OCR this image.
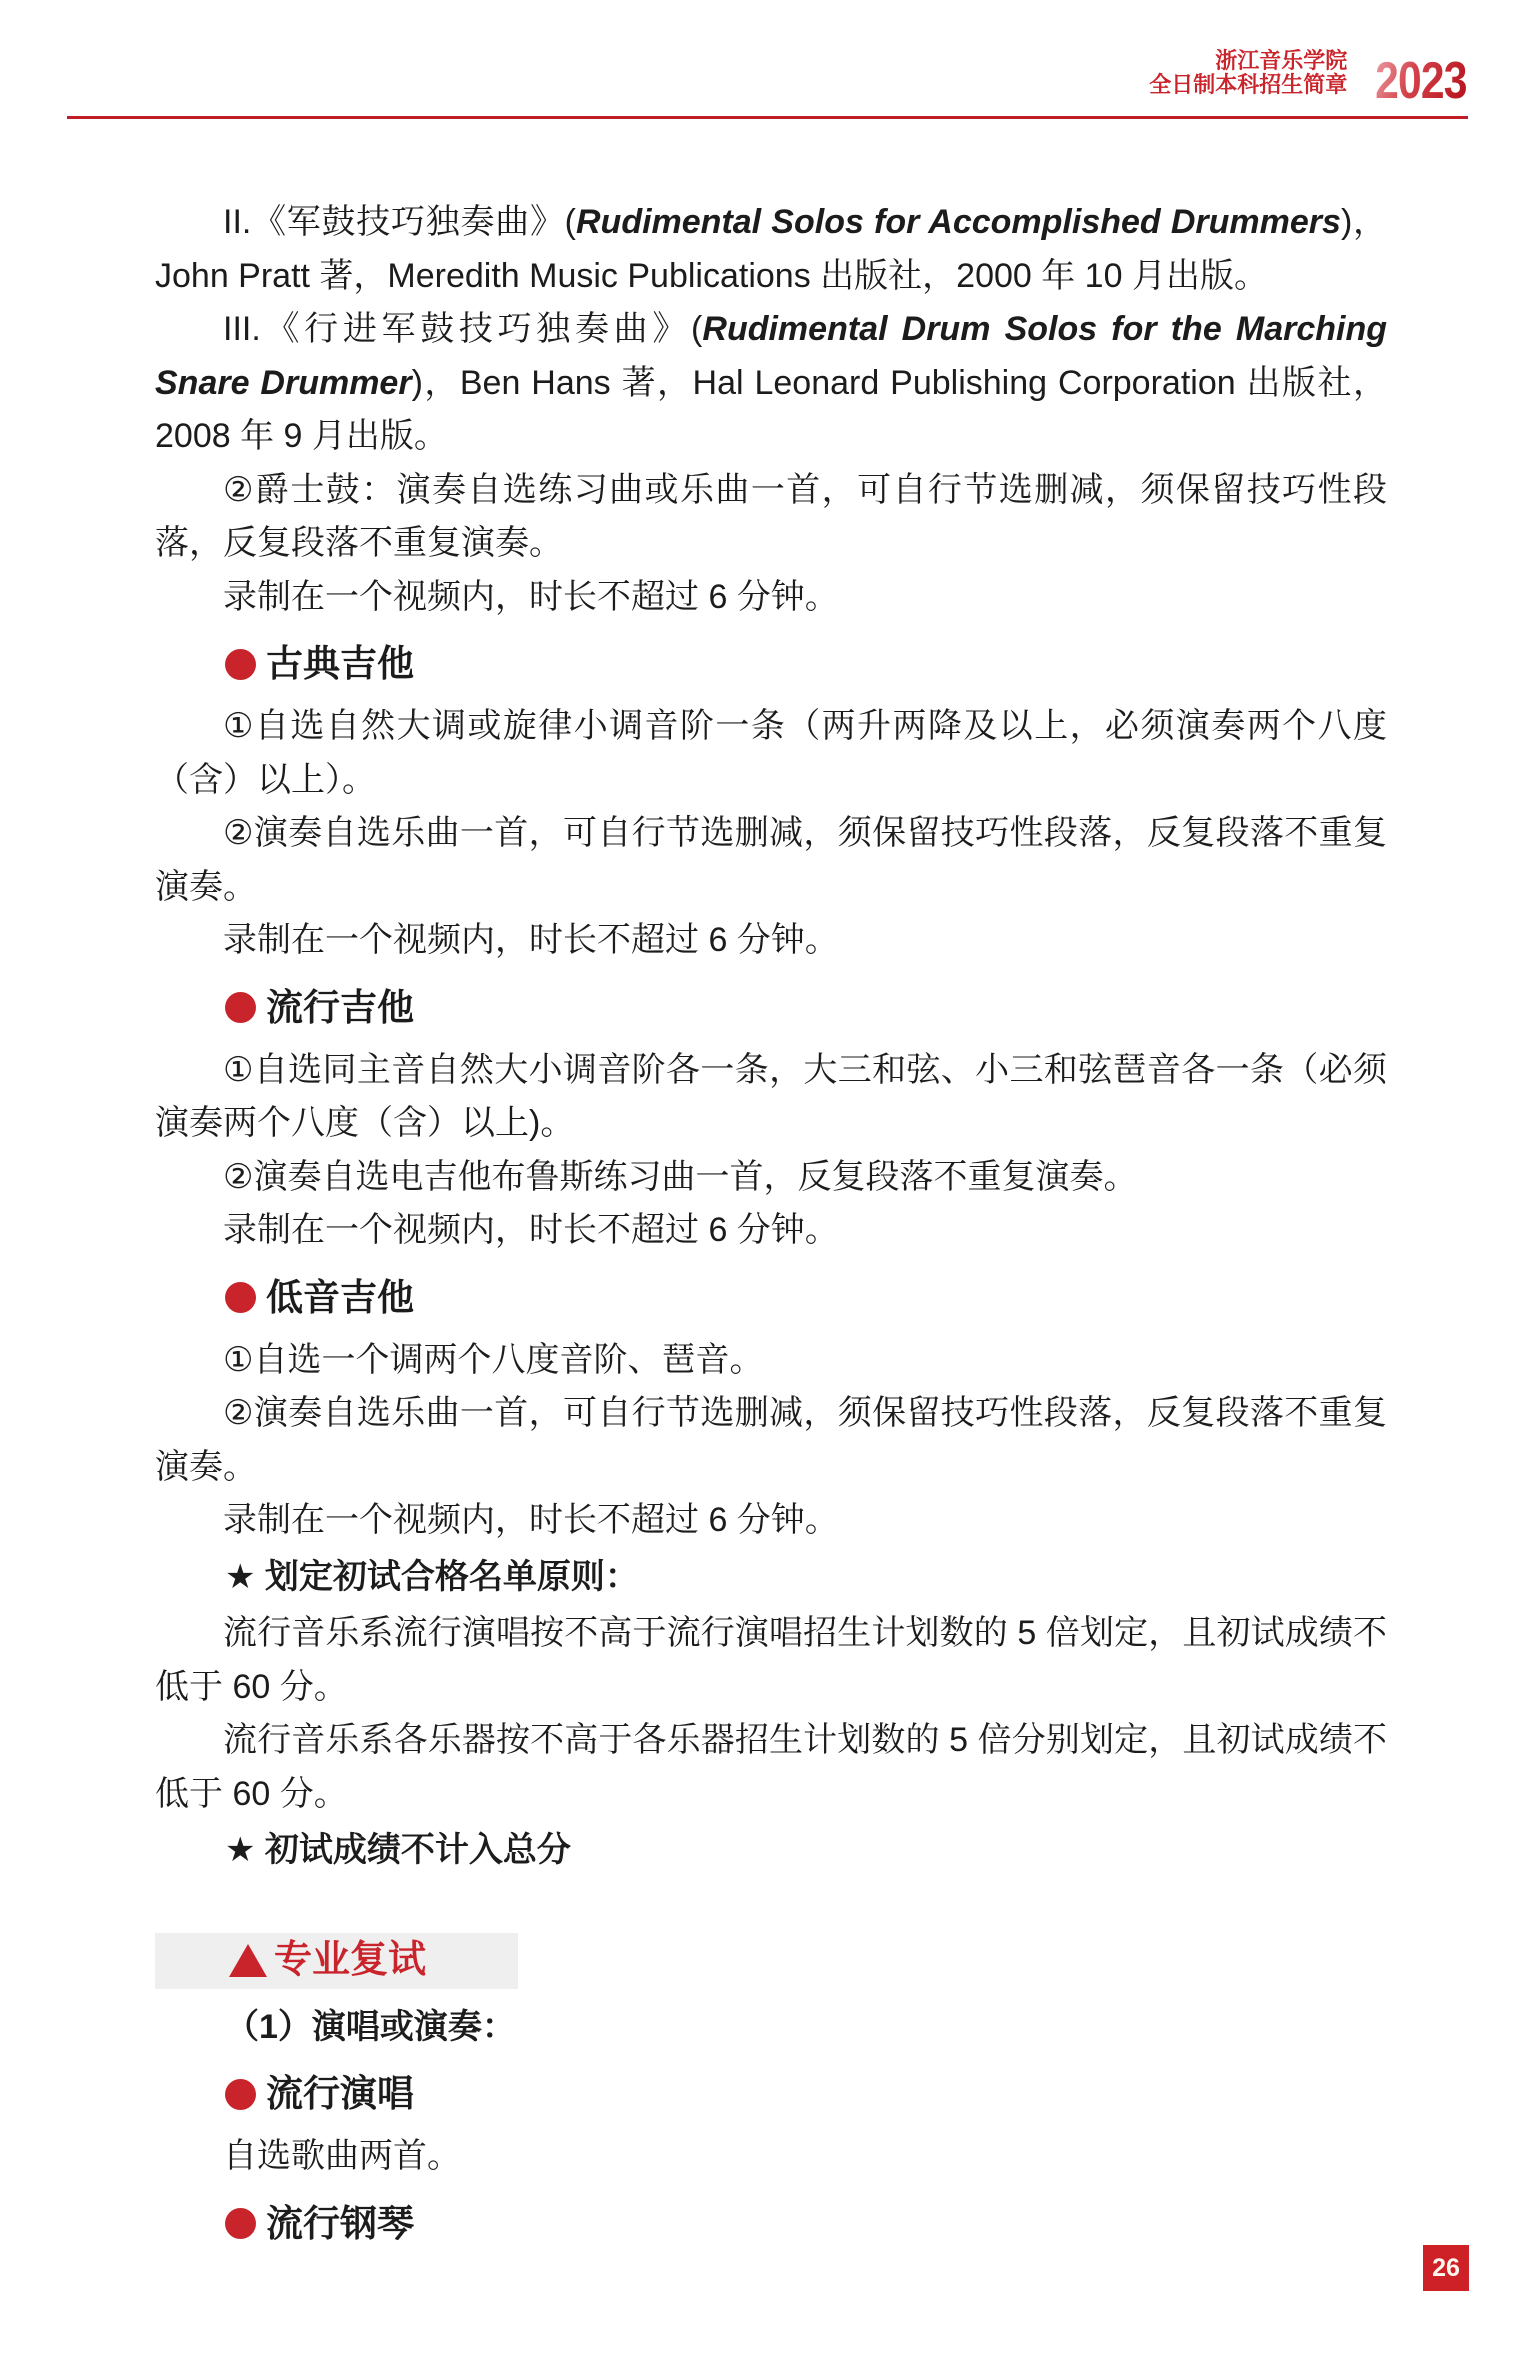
浙江音乐学院
全日制本科招生简章 2023
II.《军鼓技巧独奏曲》(Rudimental Solos for Accomplished Drummers)，John Pratt 著，Meredith Music Publications 出版社，2000 年 10 月出版。
III.《行进军鼓技巧独奏曲》(Rudimental Drum Solos for the Marching Snare Drummer)，Ben Hans 著，Hal Leonard Publishing Corporation 出版社，2008 年 9 月出版。
②爵士鼓：演奏自选练习曲或乐曲一首，可自行节选删减，须保留技巧性段落，反复段落不重复演奏。
录制在一个视频内，时长不超过 6 分钟。
古典吉他
①自选自然大调或旋律小调音阶一条（两升两降及以上，必须演奏两个八度（含）以上）。
②演奏自选乐曲一首，可自行节选删减，须保留技巧性段落，反复段落不重复演奏。
录制在一个视频内，时长不超过 6 分钟。
流行吉他
①自选同主音自然大小调音阶各一条，大三和弦、小三和弦琶音各一条（必须演奏两个八度（含）以上)。
②演奏自选电吉他布鲁斯练习曲一首，反复段落不重复演奏。
录制在一个视频内，时长不超过 6 分钟。
低音吉他
①自选一个调两个八度音阶、琶音。
②演奏自选乐曲一首，可自行节选删减，须保留技巧性段落，反复段落不重复演奏。
录制在一个视频内，时长不超过 6 分钟。
★ 划定初试合格名单原则：
流行音乐系流行演唱按不高于流行演唱招生计划数的 5 倍划定，且初试成绩不低于 60 分。
流行音乐系各乐器按不高于各乐器招生计划数的 5 倍分别划定，且初试成绩不低于 60 分。
★ 初试成绩不计入总分
专业复试
（1）演唱或演奏：
流行演唱
自选歌曲两首。
流行钢琴
26
